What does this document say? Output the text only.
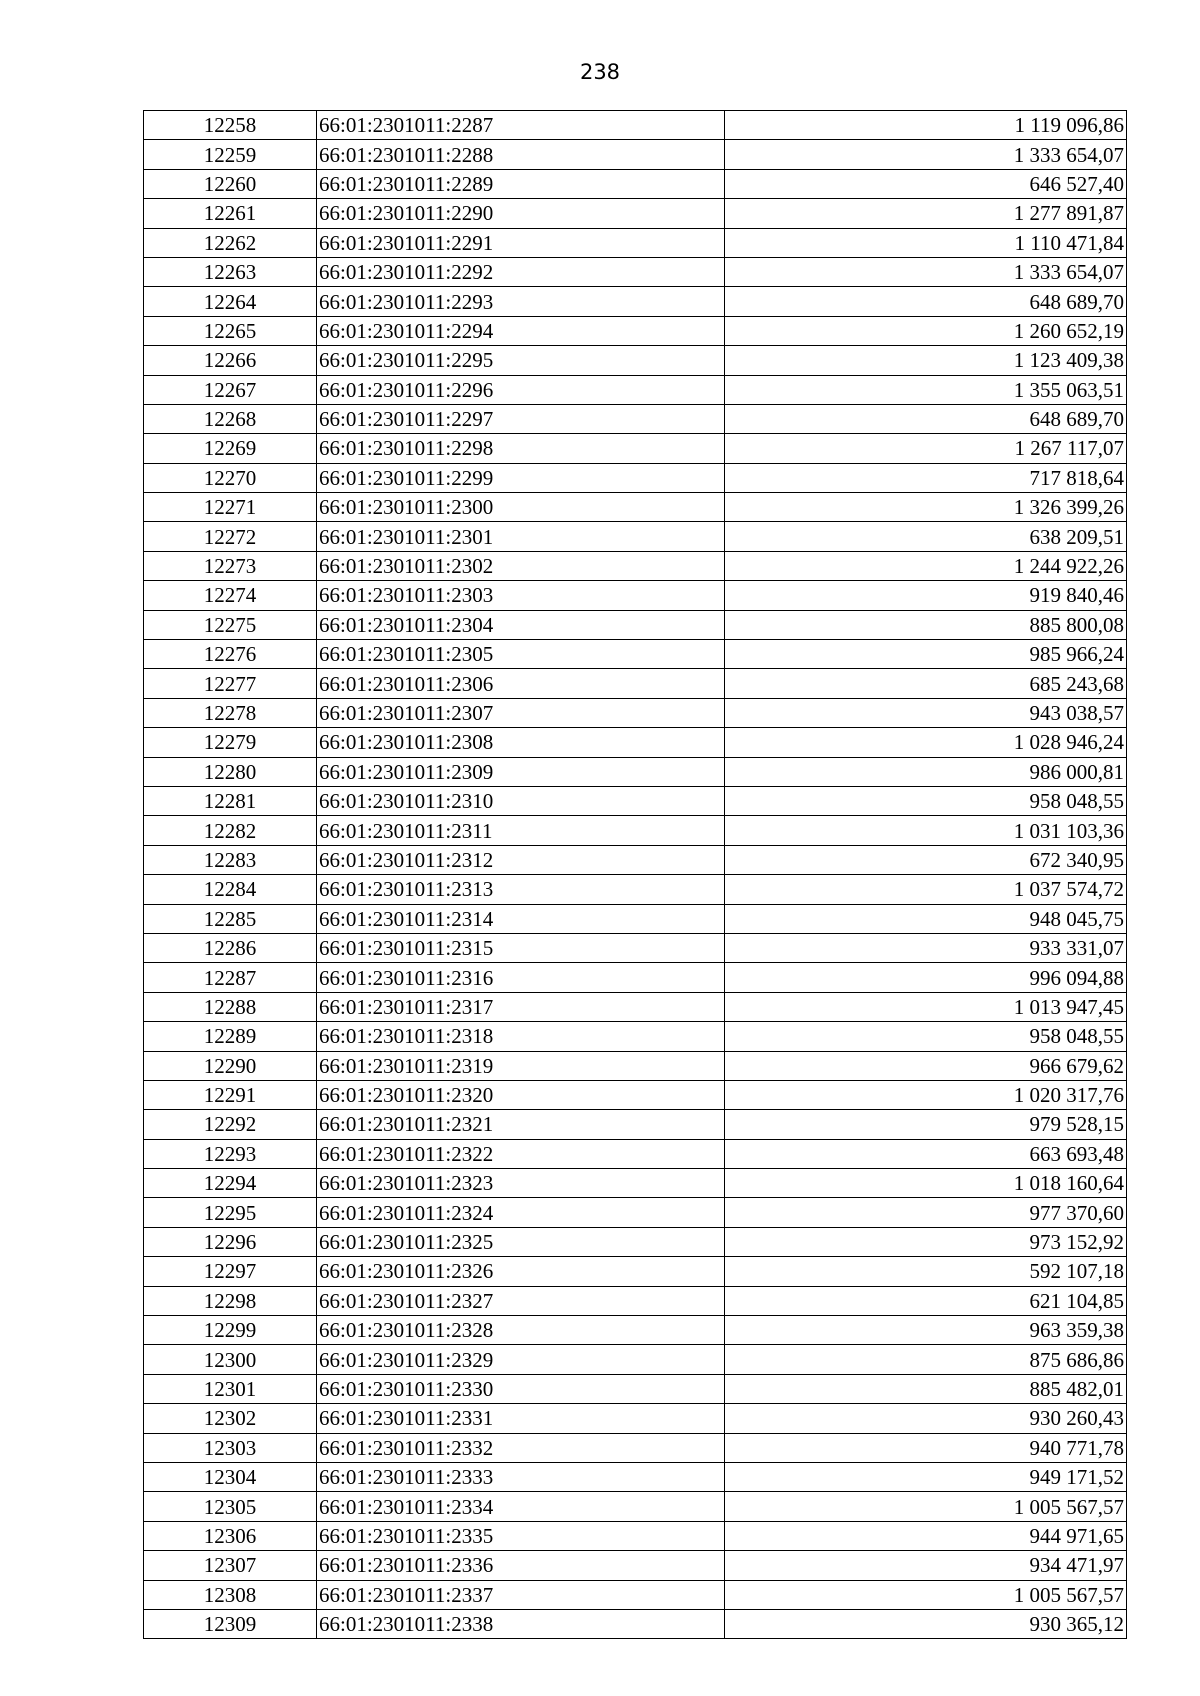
238
12258	66:01:2301011:2287	1 119 096,86
12259	66:01:2301011:2288	1 333 654,07
12260	66:01:2301011:2289	646 527,40
12261	66:01:2301011:2290	1 277 891,87
12262	66:01:2301011:2291	1 110 471,84
12263	66:01:2301011:2292	1 333 654,07
12264	66:01:2301011:2293	648 689,70
12265	66:01:2301011:2294	1 260 652,19
12266	66:01:2301011:2295	1 123 409,38
12267	66:01:2301011:2296	1 355 063,51
12268	66:01:2301011:2297	648 689,70
12269	66:01:2301011:2298	1 267 117,07
12270	66:01:2301011:2299	717 818,64
12271	66:01:2301011:2300	1 326 399,26
12272	66:01:2301011:2301	638 209,51
12273	66:01:2301011:2302	1 244 922,26
12274	66:01:2301011:2303	919 840,46
12275	66:01:2301011:2304	885 800,08
12276	66:01:2301011:2305	985 966,24
12277	66:01:2301011:2306	685 243,68
12278	66:01:2301011:2307	943 038,57
12279	66:01:2301011:2308	1 028 946,24
12280	66:01:2301011:2309	986 000,81
12281	66:01:2301011:2310	958 048,55
12282	66:01:2301011:2311	1 031 103,36
12283	66:01:2301011:2312	672 340,95
12284	66:01:2301011:2313	1 037 574,72
12285	66:01:2301011:2314	948 045,75
12286	66:01:2301011:2315	933 331,07
12287	66:01:2301011:2316	996 094,88
12288	66:01:2301011:2317	1 013 947,45
12289	66:01:2301011:2318	958 048,55
12290	66:01:2301011:2319	966 679,62
12291	66:01:2301011:2320	1 020 317,76
12292	66:01:2301011:2321	979 528,15
12293	66:01:2301011:2322	663 693,48
12294	66:01:2301011:2323	1 018 160,64
12295	66:01:2301011:2324	977 370,60
12296	66:01:2301011:2325	973 152,92
12297	66:01:2301011:2326	592 107,18
12298	66:01:2301011:2327	621 104,85
12299	66:01:2301011:2328	963 359,38
12300	66:01:2301011:2329	875 686,86
12301	66:01:2301011:2330	885 482,01
12302	66:01:2301011:2331	930 260,43
12303	66:01:2301011:2332	940 771,78
12304	66:01:2301011:2333	949 171,52
12305	66:01:2301011:2334	1 005 567,57
12306	66:01:2301011:2335	944 971,65
12307	66:01:2301011:2336	934 471,97
12308	66:01:2301011:2337	1 005 567,57
12309	66:01:2301011:2338	930 365,12
